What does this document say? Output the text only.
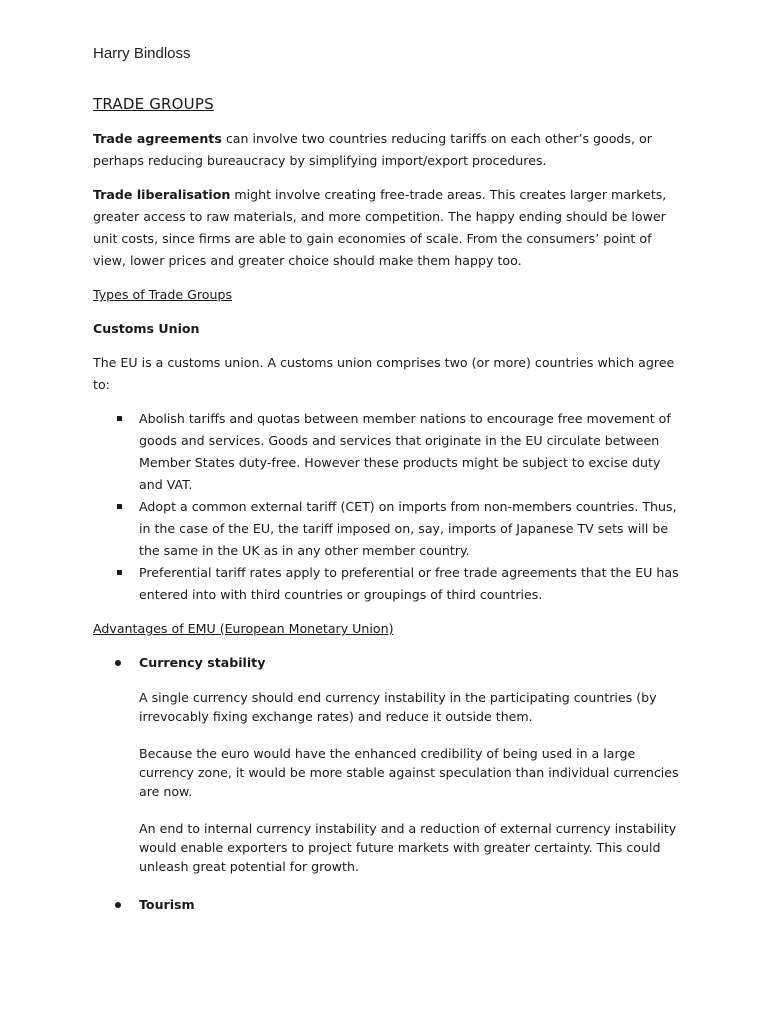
Harry Bindloss
TRADE GROUPS

Trade agreements can involve two countries reducing tariffs on each other’s goods, or perhaps reducing bureaucracy by simplifying import/export procedures.

Trade liberalisation might involve creating free-trade areas. This creates larger markets, greater access to raw materials, and more competition. The happy ending should be lower unit costs, since firms are able to gain economies of scale. From the consumers’ point of view, lower prices and greater choice should make them happy too.

Types of Trade Groups
Customs Union

The EU is a customs union. A customs union comprises two (or more) countries which agree to:

Abolish tariffs and quotas between member nations to encourage free movement of goods and services. Goods and services that originate in the EU circulate between Member States duty-free. However these products might be subject to excise duty and VAT.
Adopt a common external tariff (CET) on imports from non-members countries. Thus, in the case of the EU, the tariff imposed on, say, imports of Japanese TV sets will be the same in the UK as in any other member country.
Preferential tariff rates apply to preferential or free trade agreements that the EU has entered into with third countries or groupings of third countries.
Advantages of EMU (European Monetary Union)
Currency stability
A single currency should end currency instability in the participating countries (by irrevocably fixing exchange rates) and reduce it outside them.
Because the euro would have the enhanced credibility of being used in a large currency zone, it would be more stable against speculation than individual currencies are now.
An end to internal currency instability and a reduction of external currency instability would enable exporters to project future markets with greater certainty. This could unleash great potential for growth.
Tourism
